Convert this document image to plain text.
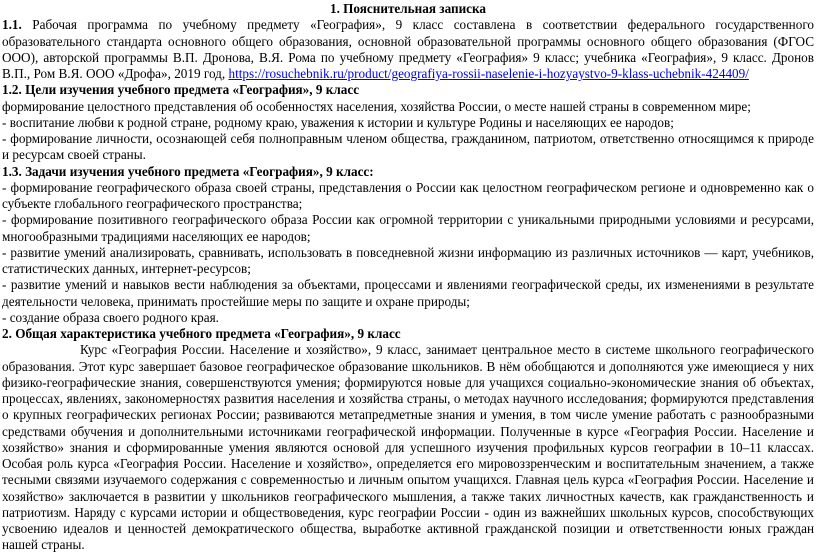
1. Пояснительная записка

1.1. Рабочая программа по учебному предмету «География», 9 класс составлена в соответствии федерального государственного образовательного стандарта основного общего образования, основной образовательной программы основного общего образования (ФГОС ООО), авторской программы В.П. Дронова, В.Я. Рома по учебному предмету «География» 9 класс; учебника «География», 9 класс. Дронов В.П., Ром В.Я. ООО «Дрофа», 2019 год, https://rosuchebnik.ru/product/geografiya-rossii-naselenie-i-hozyaystvo-9-klass-uchebnik-424409/

1.2. Цели изучения учебного предмета «География», 9 класс

формирование целостного представления об особенностях населения, хозяйства России, о месте нашей страны в современном мире;

- воспитание любви к родной стране, родному краю, уважения к истории и культуре Родины и населяющих ее народов;

- формирование личности, осознающей себя полноправным членом общества, гражданином, патриотом, ответственно относящимся к природе и ресурсам своей страны.

1.3. Задачи изучения учебного предмета «География», 9 класс:

- формирование географического образа своей страны, представления о России как целостном географическом регионе и одновременно как о субъекте глобального географического пространства;

- формирование позитивного географического образа России как огромной территории с уникальными природными условиями и ресурсами, многообразными традициями населяющих ее народов;

- развитие умений анализировать, сравнивать, использовать в повседневной жизни информацию из различных источников — карт, учебников, статистических данных, интернет-ресурсов;

- развитие умений и навыков вести наблюдения за объектами, процессами и явлениями географической среды, их изменениями в результате деятельности человека, принимать простейшие меры по защите и охране природы;

- создание образа своего родного края.

2. Общая характеристика учебного предмета «География», 9 класс

Курс «География России. Население и хозяйство», 9 класс, занимает центральное место в системе школьного географического образования. Этот курс завершает базовое географическое образование школьников. В нём обобщаются и дополняются уже имеющиеся у них физико-географические знания, совершенствуются умения; формируются новые для учащихся социально-экономические знания об объектах, процессах, явлениях, закономерностях развития населения и хозяйства страны, о методах научного исследования; формируются представления о крупных географических регионах России; развиваются метапредметные знания и умения, в том числе умение работать с разнообразными средствами обучения и дополнительными источниками географической информации. Полученные в курсе «География России. Население и хозяйство» знания и сформированные умения являются основой для успешного изучения профильных курсов географии в 10–11 классах. Особая роль курса «География России. Население и хозяйство», определяется его мировоззренческим и воспитательным значением, а также тесными связями изучаемого содержания с современностью и личным опытом учащихся. Главная цель курса «География России. Население и хозяйство» заключается в развитии у школьников географического мышления, а также таких личностных качеств, как гражданственность и патриотизм. Наряду с курсами истории и обществоведения, курс географии России - один из важнейших школьных курсов, способствующих усвоению идеалов и ценностей демократического общества, выработке активной гражданской позиции и ответственности юных граждан нашей страны.
